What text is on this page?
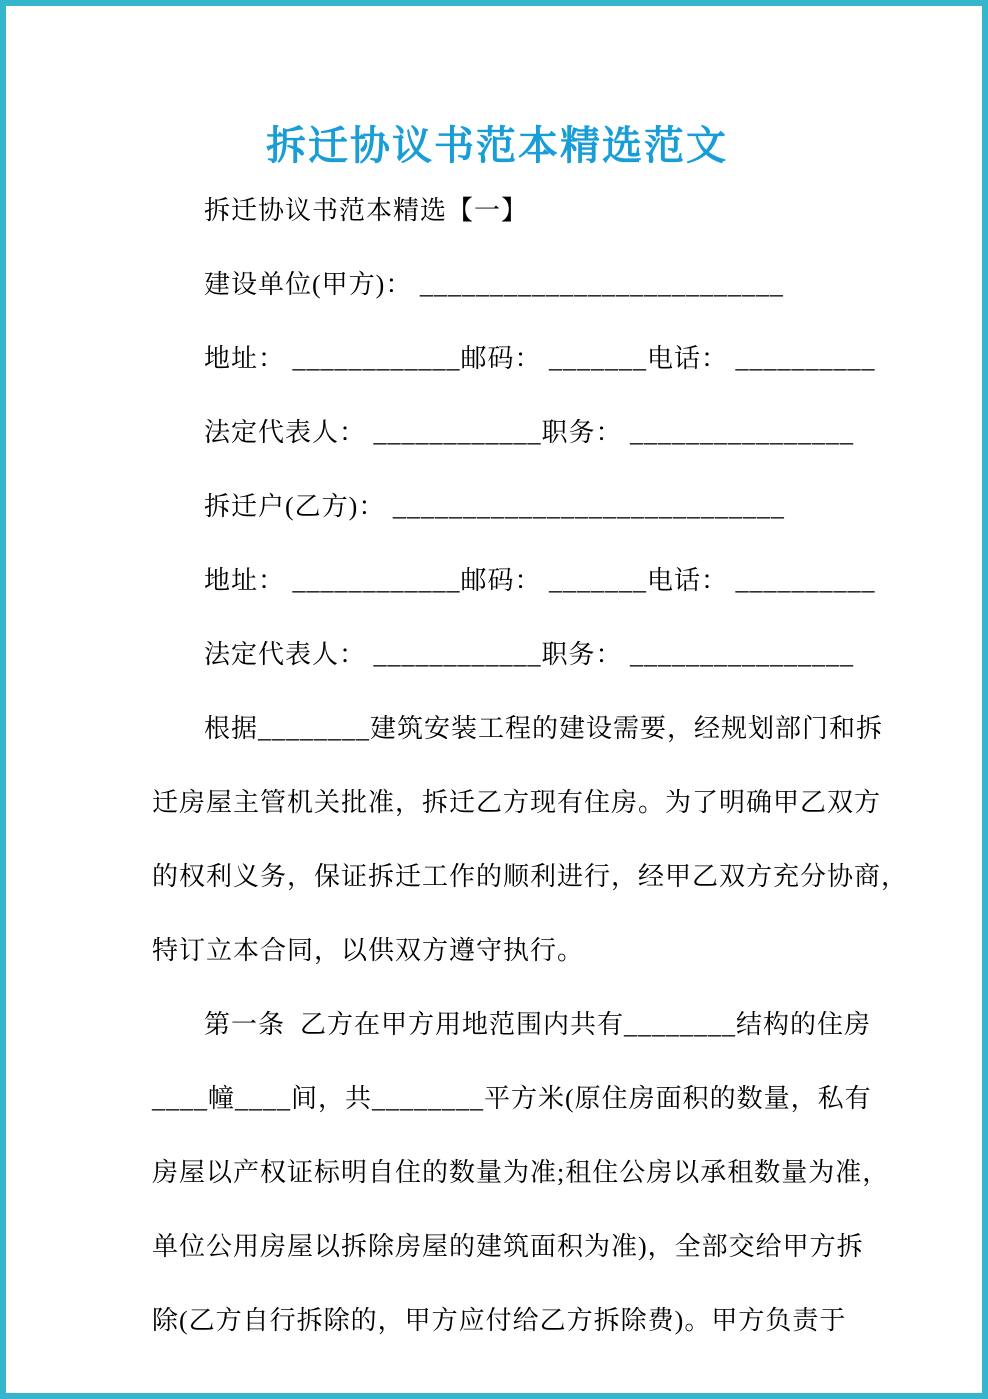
拆迁协议书范本精选范文
拆迁协议书范本精选【一】
建设单位(甲方)： __________________________
地址： ____________邮码： _______电话： __________
法定代表人： ____________职务： ________________
拆迁户(乙方)： ____________________________
地址： ____________邮码： _______电话： __________
法定代表人： ____________职务： ________________
根据________建筑安装工程的建设需要，经规划部门和拆
迁房屋主管机关批准，拆迁乙方现有住房。为了明确甲乙双方
的权利义务，保证拆迁工作的顺利进行，经甲乙双方充分协商，
特订立本合同，以供双方遵守执行。
第一条  乙方在甲方用地范围内共有________结构的住房
____幢____间，共________平方米(原住房面积的数量，私有
房屋以产权证标明自住的数量为准;租住公房以承租数量为准，
单位公用房屋以拆除房屋的建筑面积为准)，全部交给甲方拆
除(乙方自行拆除的，甲方应付给乙方拆除费)。甲方负责于
